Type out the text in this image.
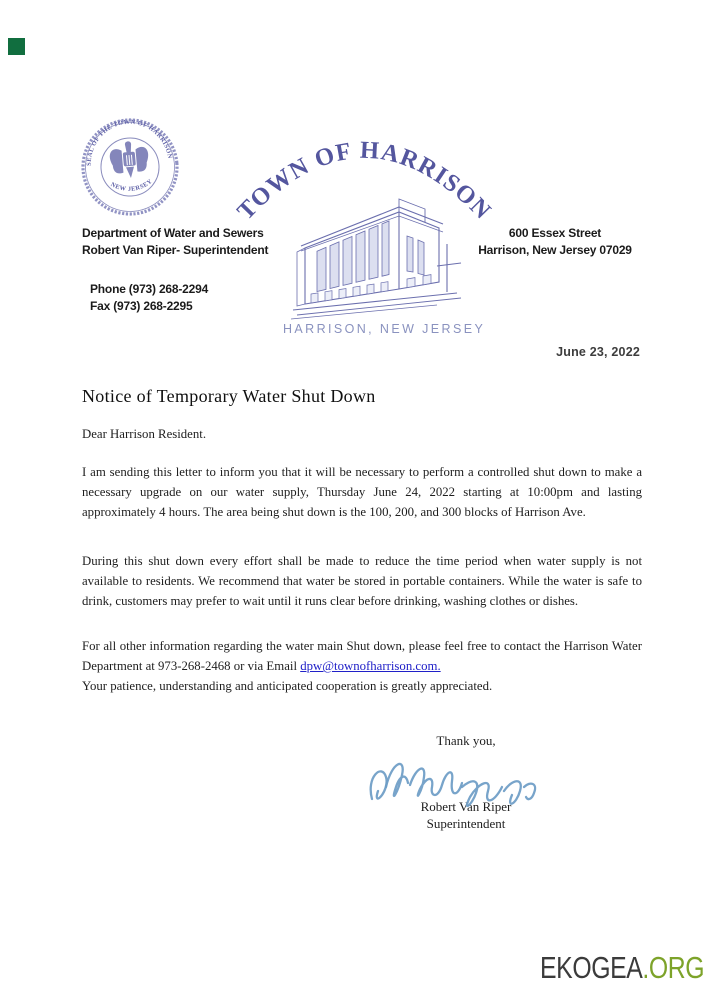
SEAL OF THE TOWN OF HARRISON
NEW JERSEY
TOWN OF HARRISON
HARRISON, NEW JERSEY
Department of Water and Sewers
Robert Van Riper- Superintendent
Phone (973) 268-2294
Fax (973) 268-2295
600 Essex Street
Harrison, New Jersey 07029
June 23, 2022
Notice of Temporary Water Shut Down
Dear Harrison Resident.

I am sending this letter to inform you that it will be necessary to perform a controlled shut down to make a necessary upgrade on our water supply, Thursday June 24, 2022 starting at 10:00pm and lasting approximately 4 hours. The area being shut down is the 100, 200, and 300 blocks of Harrison Ave.

During this shut down every effort shall be made to reduce the time period when water supply is not available to residents. We recommend that water be stored in portable containers. While the water is safe to drink, customers may prefer to wait until it runs clear before drinking, washing clothes or dishes.

For all other information regarding the water main Shut down, please feel free to contact the Harrison Water Department at 973-268-2468 or via Email dpw@townofharrison.com.
Your patience, understanding and anticipated cooperation is greatly appreciated.

Thank you,
Robert Van Riper
Superintendent
EKOGEA.ORG
